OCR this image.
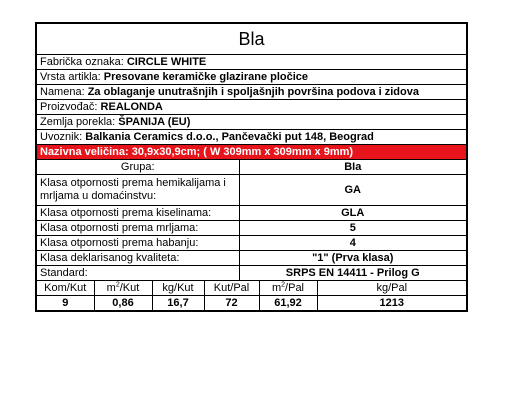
Bla						
Fabrička oznaka: CIRCLE WHITE						
Vrsta artikla: Presovane keramičke glazirane pločice						
Namena: Za oblaganje unutrašnjih i spoljašnjih površina podova i zidova						
Proizvođač: REALONDA						
Zemlja porekla: ŠPANIJA (EU)						
Uvoznik: Balkania Ceramics d.o.o., Pančevački put 148, Beograd						
Nazivna veličina: 30,9x30,9cm; ( W 309mm x 309mm x 9mm)						
Grupa:				BIa		
Klasa otpornosti prema hemikalijama i mrljama u domaćinstvu:				GA		
Klasa otpornosti prema kiselinama:				GLA		
Klasa otpornosti prema mrljama:				5		
Klasa otpornosti prema habanju:				4		
Klasa deklarisanog kvaliteta:				"1" (Prva klasa)		
Standard:				SRPS EN 14411 - Prilog G		
Kom/Kut	$m^2$/Kut	kg/Kut	Kut/Pal		$m^2$/Pal	kg/Pal
9	0,86	16,7	72		61,92	1213
